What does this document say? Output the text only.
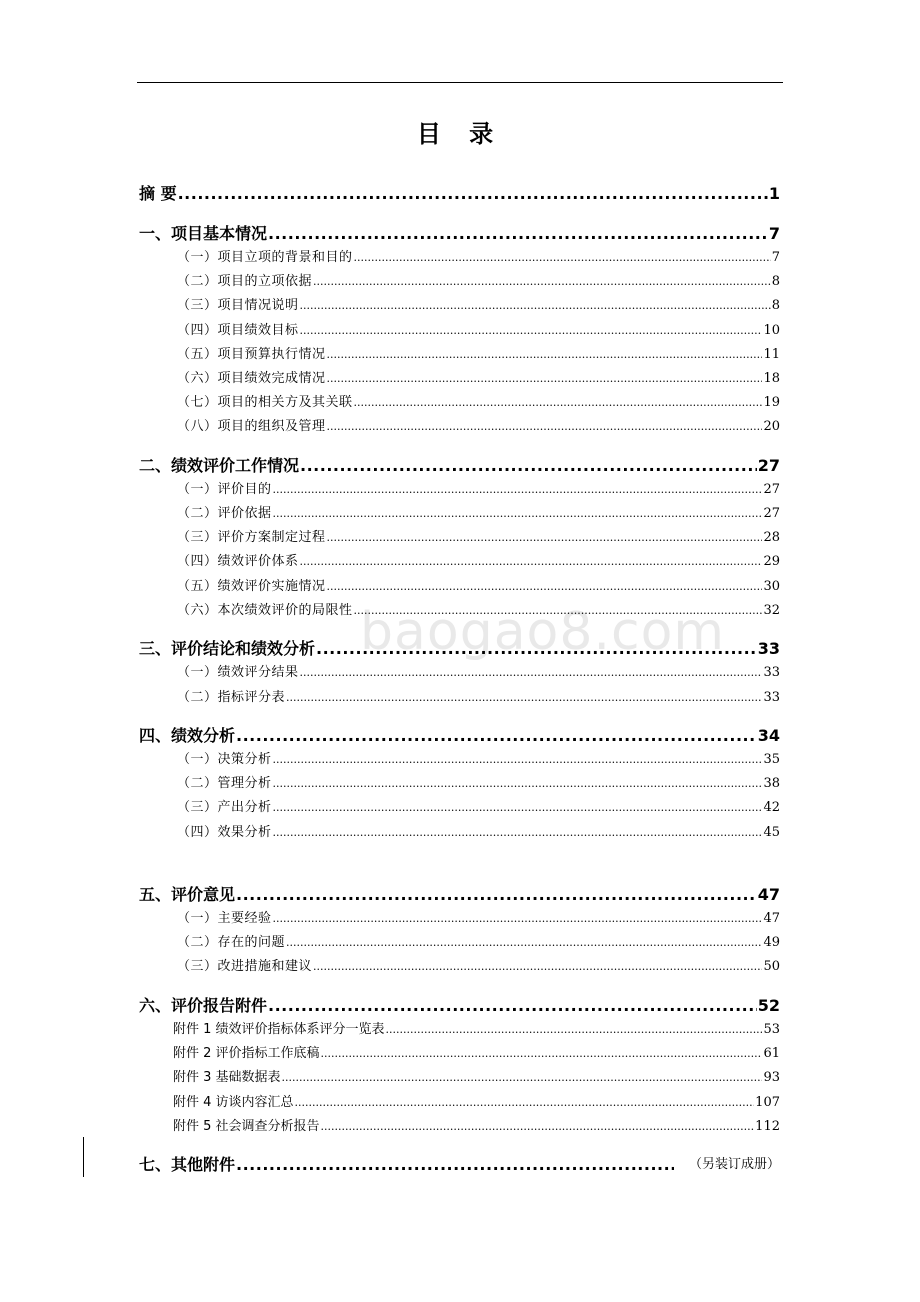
目 录
baogao8.com
摘 要 .....	1
一、项目基本情况 .....	7
（一）项目立项的背景和目的 .....	7
（二）项目的立项依据 .....	8
（三）项目情况说明 .....	8
（四）项目绩效目标 .....	10
（五）项目预算执行情况 .....	11
（六）项目绩效完成情况 .....	18
（七）项目的相关方及其关联 .....	19
（八）项目的组织及管理 .....	20
二、绩效评价工作情况 .....	27
（一）评价目的 .....	27
（二）评价依据 .....	27
（三）评价方案制定过程 .....	28
（四）绩效评价体系 .....	29
（五）绩效评价实施情况 .....	30
（六）本次绩效评价的局限性 .....	32
三、评价结论和绩效分析 .....	33
（一）绩效评分结果 .....	33
（二）指标评分表 .....	33
四、绩效分析 .....	34
（一）决策分析 .....	35
（二）管理分析 .....	38
（三）产出分析 .....	42
（四）效果分析 .....	45
五、评价意见 .....	47
（一）主要经验 .....	47
（二）存在的问题 .....	49
（三）改进措施和建议 .....	50
六、评价报告附件 .....	52
附件 1 绩效评价指标体系评分一览表 .....	53
附件 2 评价指标工作底稿 .....	61
附件 3 基础数据表 .....	93
附件 4 访谈内容汇总 .....	107
附件 5 社会调查分析报告 .....	112
七、其他附件 .....	（另装订成册）
